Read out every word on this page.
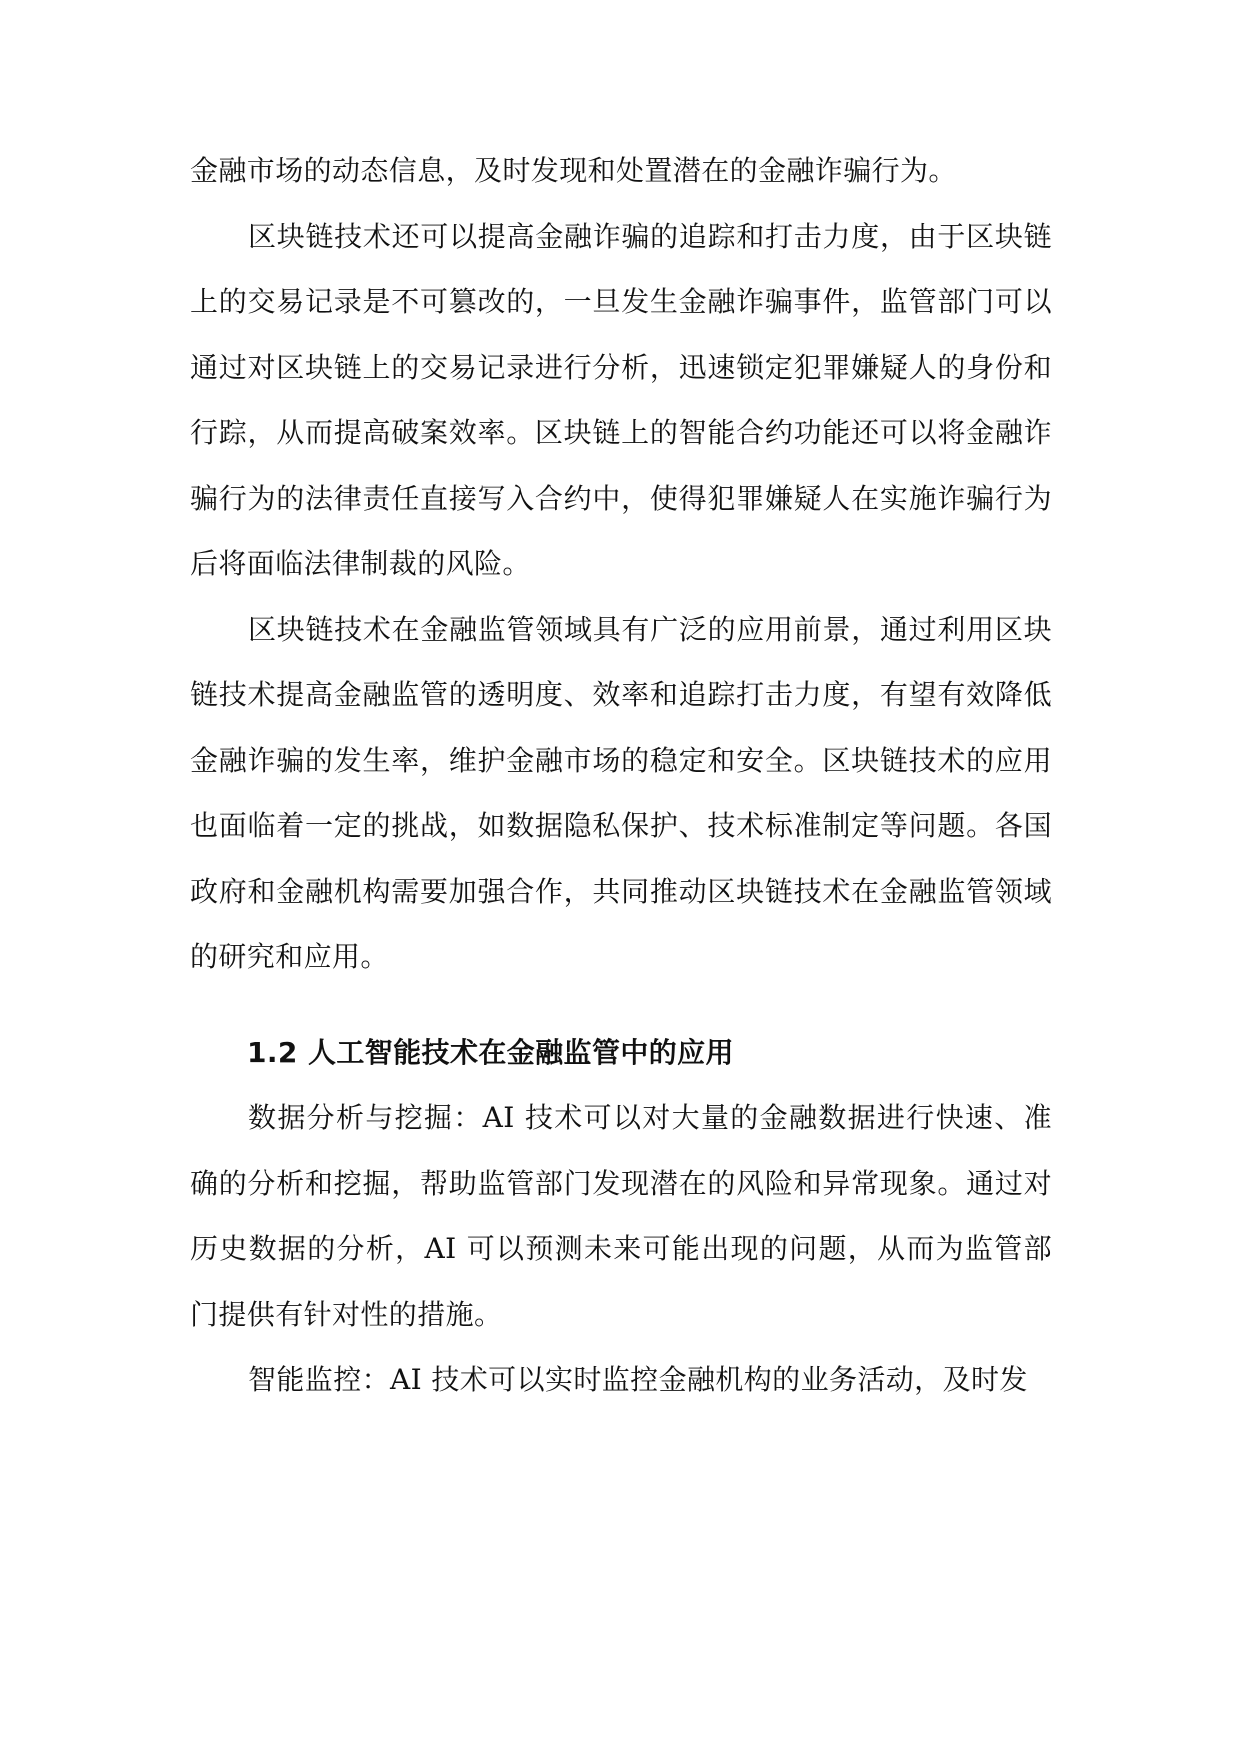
金融市场的动态信息，及时发现和处置潜在的金融诈骗行为。

区块链技术还可以提高金融诈骗的追踪和打击力度，由于区块链上的交易记录是不可篡改的，一旦发生金融诈骗事件，监管部门可以通过对区块链上的交易记录进行分析，迅速锁定犯罪嫌疑人的身份和行踪，从而提高破案效率。区块链上的智能合约功能还可以将金融诈骗行为的法律责任直接写入合约中，使得犯罪嫌疑人在实施诈骗行为后将面临法律制裁的风险。

区块链技术在金融监管领域具有广泛的应用前景，通过利用区块链技术提高金融监管的透明度、效率和追踪打击力度，有望有效降低金融诈骗的发生率，维护金融市场的稳定和安全。区块链技术的应用也面临着一定的挑战，如数据隐私保护、技术标准制定等问题。各国政府和金融机构需要加强合作，共同推动区块链技术在金融监管领域的研究和应用。

1.2 人工智能技术在金融监管中的应用

数据分析与挖掘：AI 技术可以对大量的金融数据进行快速、准确的分析和挖掘，帮助监管部门发现潜在的风险和异常现象。通过对历史数据的分析，AI 可以预测未来可能出现的问题，从而为监管部门提供有针对性的措施。

智能监控：AI 技术可以实时监控金融机构的业务活动，及时发
